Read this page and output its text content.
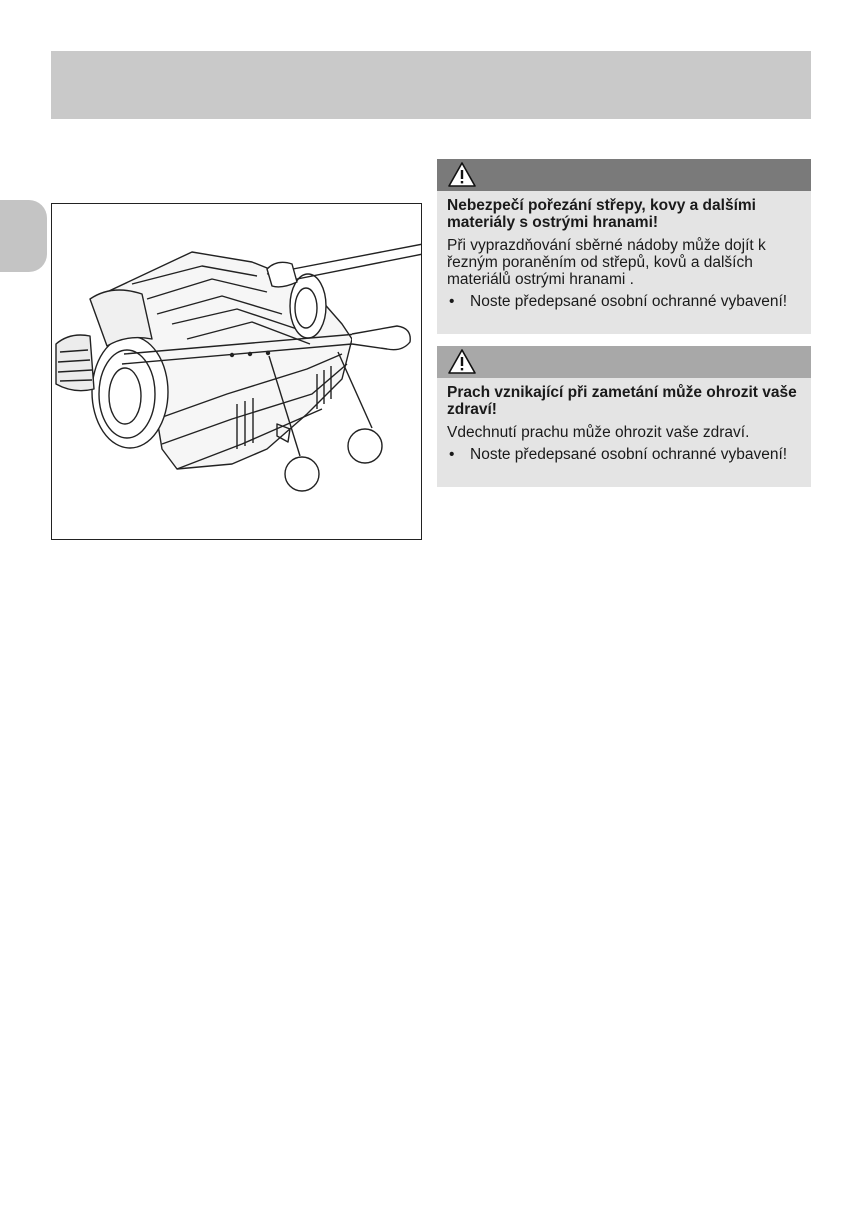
Nebezpečí pořezání střepy, kovy a dalšími materiály s ostrými hranami!

Při vyprazdňování sběrné nádoby může dojít k řezným poraněním od střepů, kovů a dalších materiálů ostrými hranami .

• Noste předepsané osobní ochranné vybavení!

Prach vznikající při zametání může ohrozit vaše zdraví!

Vdechnutí prachu může ohrozit vaše zdraví.

• Noste předepsané osobní ochranné vybavení!
